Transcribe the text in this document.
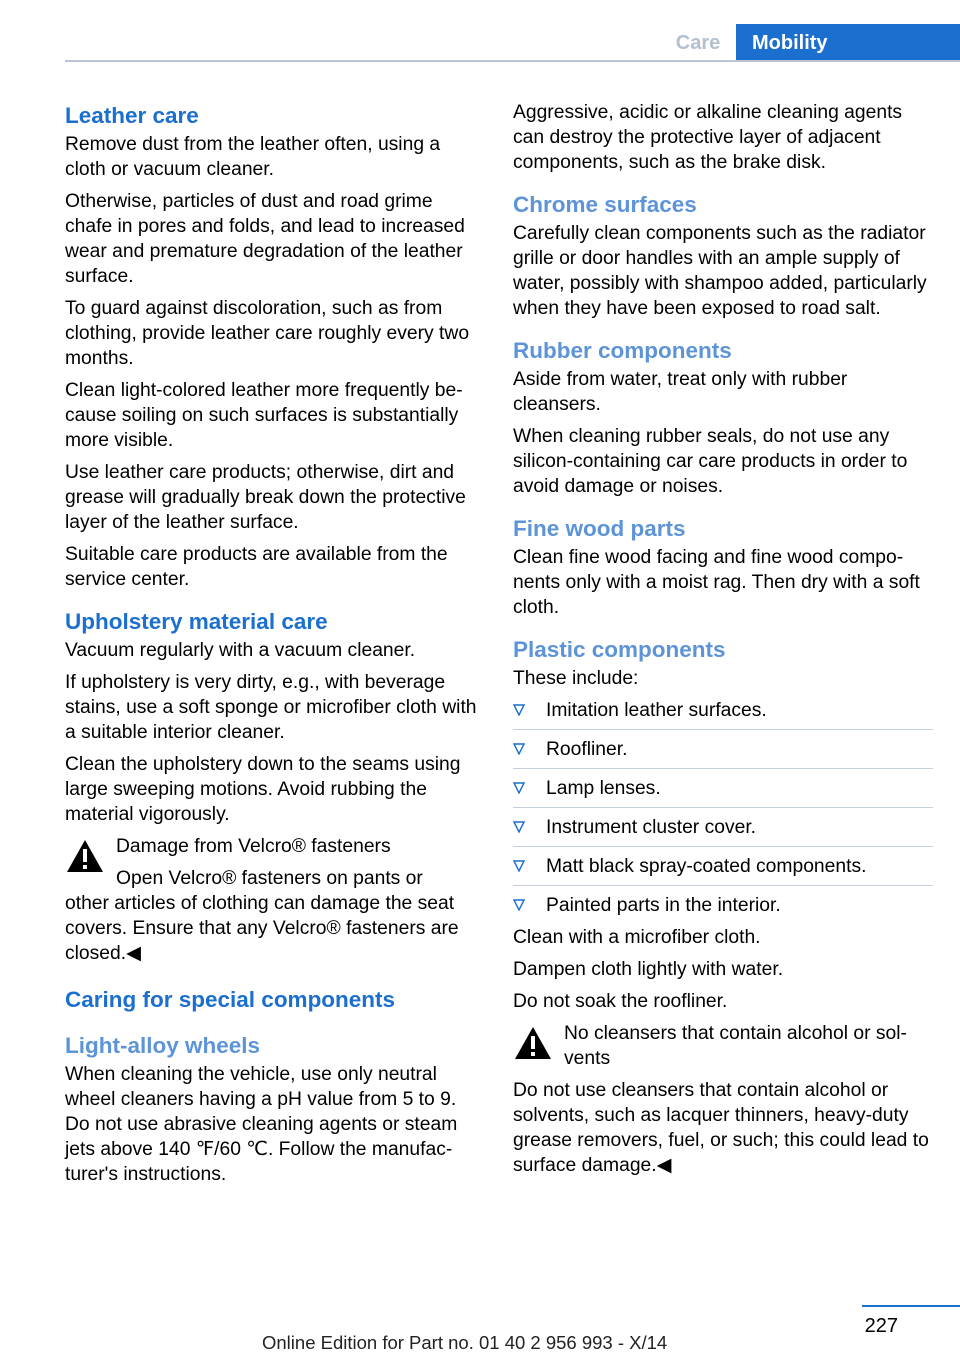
Care	Mobility
Leather care

Remove dust from the leather often, using a cloth or vacuum cleaner.

Otherwise, particles of dust and road grime chafe in pores and folds, and lead to increased wear and premature degradation of the leather surface.

To guard against discoloration, such as from clothing, provide leather care roughly every two months.

Clean light-colored leather more frequently because soiling on such surfaces is substantially more visible.

Use leather care products; otherwise, dirt and grease will gradually break down the protective layer of the leather surface.

Suitable care products are available from the service center.

Upholstery material care

Vacuum regularly with a vacuum cleaner.

If upholstery is very dirty, e.g., with beverage stains, use a soft sponge or microfiber cloth with a suitable interior cleaner.

Clean the upholstery down to the seams using large sweeping motions. Avoid rubbing the material vigorously.

Damage from Velcro® fasteners
Open Velcro® fasteners on pants or
other articles of clothing can damage the seat covers. Ensure that any Velcro® fasteners are closed.◀
Caring for special components
Light-alloy wheels

When cleaning the vehicle, use only neutral wheel cleaners having a pH value from 5 to 9. Do not use abrasive cleaning agents or steam jets above 140 ℉/60 ℃. Follow the manufacturer's instructions.

Aggressive, acidic or alkaline cleaning agents can destroy the protective layer of adjacent components, such as the brake disk.

Chrome surfaces

Carefully clean components such as the radiator grille or door handles with an ample supply of water, possibly with shampoo added, particularly when they have been exposed to road salt.

Rubber components

Aside from water, treat only with rubber cleansers.

When cleaning rubber seals, do not use any silicon-containing car care products in order to avoid damage or noises.

Fine wood parts

Clean fine wood facing and fine wood components only with a moist rag. Then dry with a soft cloth.

Plastic components

These include:

Imitation leather surfaces.
Roofliner.
Lamp lenses.
Instrument cluster cover.
Matt black spray-coated components.
Painted parts in the interior.

Clean with a microfiber cloth.

Dampen cloth lightly with water.

Do not soak the roofliner.

No cleansers that contain alcohol or solvents
Do not use cleansers that contain alcohol or solvents, such as lacquer thinners, heavy-duty grease removers, fuel, or such; this could lead to surface damage.◀
227
Online Edition for Part no. 01 40 2 956 993 - X/14
